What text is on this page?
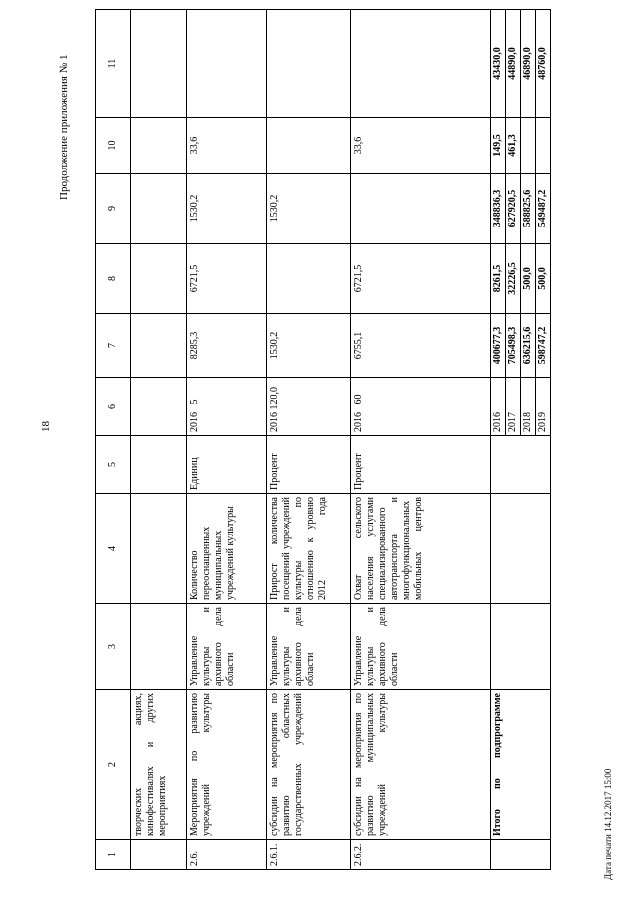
18
Продолжение приложения № 1
Дата печати 14.12.2017 15:00
1	2	3	4	5	6	7	8	9	10	11
	творческих акциях, кинофестивалях и других мероприятиях									
2.6.	Мероприятия по развитию учреждений культуры	Управление культуры и архивного дела области	Количество переоснащенных муниципальных учреждений культуры	Единиц	2016   5	8285,3	6721,5	1530,2	33,6	
2.6.1.	субсидии на мероприятия по развитию областных государственных учреждений	Управление культуры и архивного дела области	Прирост количества посещений учреждений культуры по отношению к уровню 2012 года	Процент	2016 120,0	1530,2		1530,2		
2.6.2.	субсидии на мероприятия по развитию муниципальных учреждений культуры	Управление культуры и архивного дела области	Охват сельского населения услугами специализированного автотранспорта и многофункциональных мобильных центров	Процент	2016   60	6755,1	6721,5		33,6	
	Итого по подпрограмме				2016	400677,3	8261,5	348836,3	149,5	43430,0
					2017	705498,3	32226,5	627920,5	461,3	44890,0
					2018	636215,6	500,0	588825,6		46890,0
					2019	598747,2	500,0	549487,2		48760,0
